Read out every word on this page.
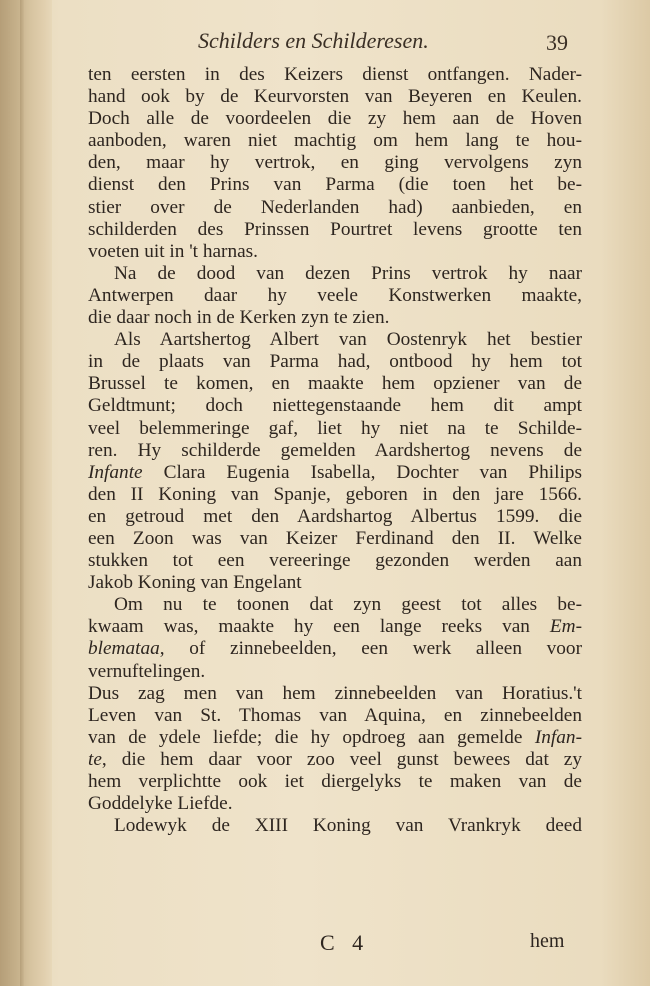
Schilders en Schilderesen.	39
ten eersten in des Keizers dienst ontfangen. Nader-
hand ook by de Keurvorsten van Beyeren en Keulen.
Doch alle de voordeelen die zy hem aan de Hoven
aanboden, waren niet machtig om hem lang te hou-
den, maar hy vertrok, en ging vervolgens zyn
dienst den Prins van Parma (die toen het be-
stier over de Nederlanden had) aanbieden, en
schilderden des Prinssen Pourtret levens grootte ten
voeten uit in 't harnas.
Na de dood van dezen Prins vertrok hy naar
Antwerpen daar hy veele Konstwerken maakte,
die daar noch in de Kerken zyn te zien.
Als Aartshertog Albert van Oostenryk het bestier
in de plaats van Parma had, ontbood hy hem tot
Brussel te komen, en maakte hem opziener van de
Geldtmunt; doch niettegenstaande hem dit ampt
veel belemmeringe gaf, liet hy niet na te Schilde-
ren. Hy schilderde gemelden Aardshertog nevens de
Infante Clara Eugenia Isabella, Dochter van Philips
den II Koning van Spanje, geboren in den jare 1566.
en getroud met den Aardshartog Albertus 1599. die
een Zoon was van Keizer Ferdinand den II. Welke
stukken tot een vereeringe gezonden werden aan
Jakob Koning van Engelant
Om nu te toonen dat zyn geest tot alles be-
kwaam was, maakte hy een lange reeks van Em-
blemataa, of zinnebeelden, een werk alleen voor
vernuftelingen.
Dus zag men van hem zinnebeelden van Horatius.'t
Leven van St. Thomas van Aquina, en zinnebeelden
van de ydele liefde; die hy opdroeg aan gemelde Infan-
te, die hem daar voor zoo veel gunst bewees dat zy
hem verplichtte ook iet diergelyks te maken van de
Goddelyke Liefde.
Lodewyk de XIII Koning van Vrankryk deed
C 4	hem
